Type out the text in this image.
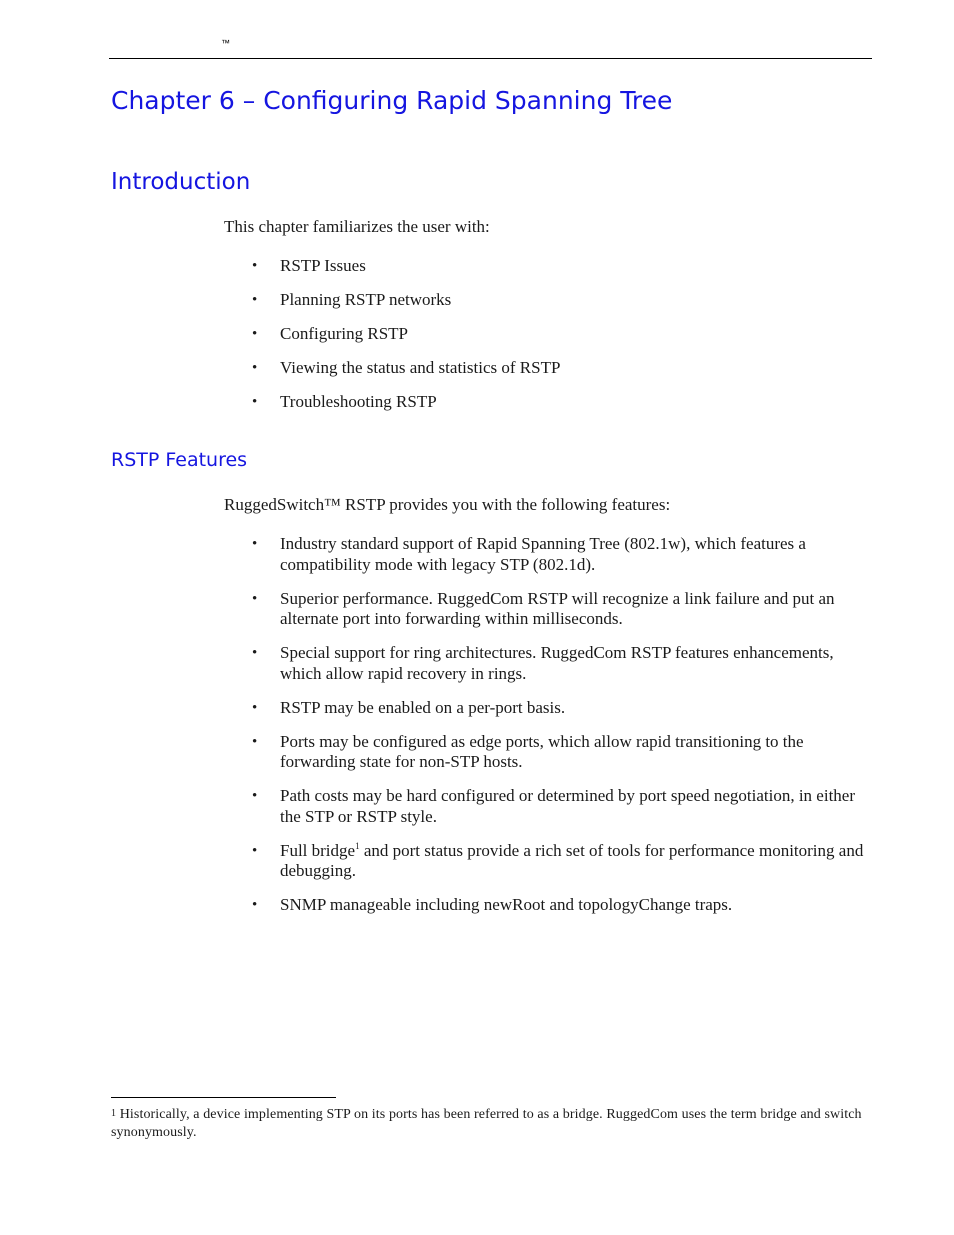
™
Chapter 6 – Configuring Rapid Spanning Tree
Introduction

This chapter familiarizes the user with:

• RSTP Issues
• Planning RSTP networks
• Configuring RSTP
• Viewing the status and statistics of RSTP
• Troubleshooting RSTP
RSTP Features

RuggedSwitch™ RSTP provides you with the following features:

• Industry standard support of Rapid Spanning Tree (802.1w), which features a compatibility mode with legacy STP (802.1d).
• Superior performance. RuggedCom RSTP will recognize a link failure and put an alternate port into forwarding within milliseconds.
• Special support for ring architectures. RuggedCom RSTP features enhancements, which allow rapid recovery in rings.
• RSTP may be enabled on a per-port basis.
• Ports may be configured as edge ports, which allow rapid transitioning to the forwarding state for non-STP hosts.
• Path costs may be hard configured or determined by port speed negotiation, in either the STP or RSTP style.
• Full bridge$^1$ and port status provide a rich set of tools for performance monitoring and debugging.
• SNMP manageable including newRoot and topologyChange traps.

1 Historically, a device implementing STP on its ports has been referred to as a bridge. RuggedCom uses the term bridge and switch synonymously.
